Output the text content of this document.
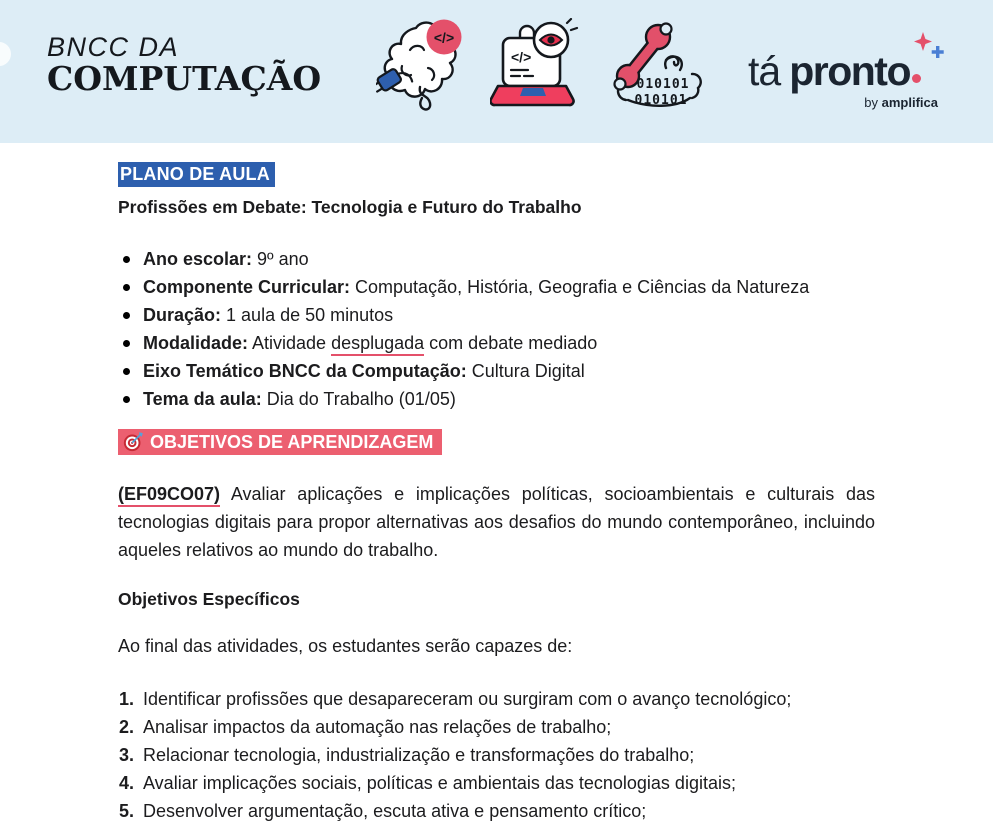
BNCC DA
COMPUTAÇÃO
</>
</>
010101
010101
tá pronto
by amplifica
PLANO DE AULA
Profissões em Debate: Tecnologia e Futuro do Trabalho
Ano escolar: 9º ano
Componente Curricular: Computação, História, Geografia e Ciências da Natureza
Duração: 1 aula de 50 minutos
Modalidade: Atividade desplugada com debate mediado
Eixo Temático BNCC da Computação: Cultura Digital
Tema da aula: Dia do Trabalho (01/05)
OBJETIVOS DE APRENDIZAGEM

(EF09CO07) Avaliar aplicações e implicações políticas, socioambientais e culturais das tecnologias digitais para propor alternativas aos desafios do mundo contemporâneo, incluindo aqueles relativos ao mundo do trabalho.

Objetivos Específicos

Ao final das atividades, os estudantes serão capazes de:

Identificar profissões que desapareceram ou surgiram com o avanço tecnológico;
Analisar impactos da automação nas relações de trabalho;
Relacionar tecnologia, industrialização e transformações do trabalho;
Avaliar implicações sociais, políticas e ambientais das tecnologias digitais;
Desenvolver argumentação, escuta ativa e pensamento crítico;
